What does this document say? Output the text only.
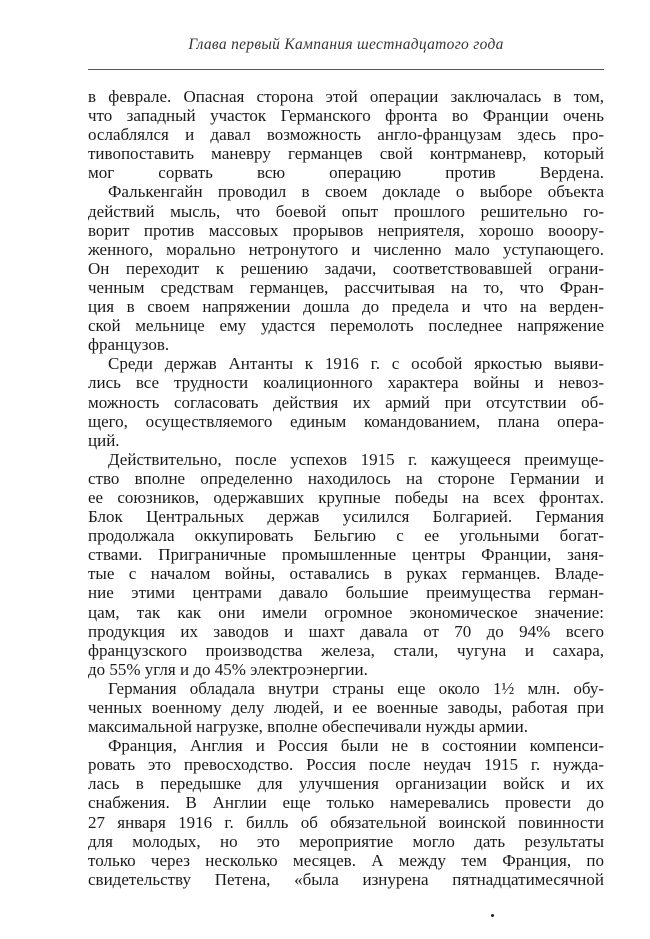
Глава первый Кампания шестнадцатого года
в феврале. Опасная сторона этой операции заключалась в том,
что западный участок Германского фронта во Франции очень
ослаблялся и давал возможность англо-французам здесь про-
тивопоставить маневру германцев свой контрманевр, который
мог сорвать всю операцию против Вердена.
Фалькенгайн проводил в своем докладе о выборе объекта
действий мысль, что боевой опыт прошлого решительно го-
ворит против массовых прорывов неприятеля, хорошо вооору-
женного, морально нетронутого и численно мало уступающего.
Он переходит к решению задачи, соответствовавшей ограни-
ченным средствам германцев, рассчитывая на то, что Фран-
ция в своем напряжении дошла до предела и что на верден-
ской мельнице ему удастся перемолоть последнее напряжение
французов.
Среди держав Антанты к 1916 г. с особой яркостью выяви-
лись все трудности коалиционного характера войны и невоз-
можность согласовать действия их армий при отсутствии об-
щего, осуществляемого единым командованием, плана опера-
ций.
Действительно, после успехов 1915 г. кажущееся преимуще-
ство вполне определенно находилось на стороне Германии и
ее союзников, одержавших крупные победы на всех фронтах.
Блок Центральных держав усилился Болгарией. Германия
продолжала оккупировать Бельгию с ее угольными богат-
ствами. Приграничные промышленные центры Франции, заня-
тые с началом войны, оставались в руках германцев. Владе-
ние этими центрами давало большие преимущества герман-
цам, так как они имели огромное экономическое значение:
продукция их заводов и шахт давала от 70 до 94% всего
французского производства железа, стали, чугуна и сахара,
до 55% угля и до 45% электроэнергии.
Германия обладала внутри страны еще около 1½ млн. обу-
ченных военному делу людей, и ее военные заводы, работая при
максимальной нагрузке, вполне обеспечивали нужды армии.
Франция, Англия и Россия были не в состоянии компенси-
ровать это превосходство. Россия после неудач 1915 г. нужда-
лась в передышке для улучшения организации войск и их
снабжения. В Англии еще только намеревались провести до
27 января 1916 г. билль об обязательной воинской повинности
для молодых, но это мероприятие могло дать результаты
только через несколько месяцев. А между тем Франция, по
свидетельству Петена, «была изнурена пятнадцатимесячной
